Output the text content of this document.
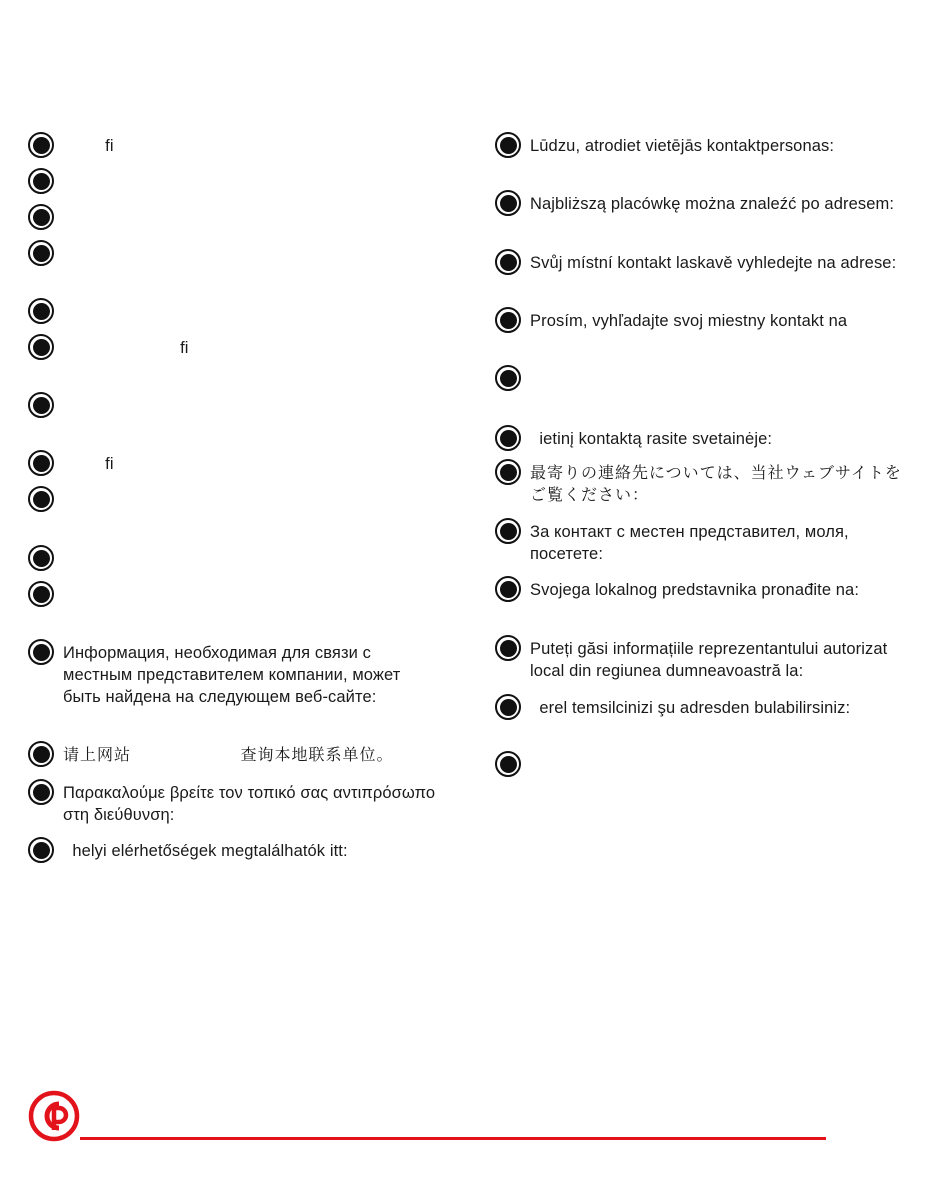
fi
fi
fi
Информация, необходимая для связи с
местным представителем компании, может
быть найдена на следующем веб-сайте:
请上网站                  查询本地联系单位。
Παρακαλούμε βρείτε τον τοπικό σας αντιπρόσωπο
στη διεύθυνση:
helyi elérhetőségek megtalálhatók itt:
Lūdzu, atrodiet vietējās kontaktpersonas:
Najbliższą placówkę można znaleźć po adresem:
Svůj místní kontakt laskavě vyhledejte na adrese:
Prosím, vyhľadajte svoj miestny kontakt na
ietinį kontaktą rasite svetainėje:
最寄りの連絡先については、当社ウェブサイトを
ご覧ください：
За контакт с местен представител, моля,
посетете:
Svojega lokalnog predstavnika pronađite na:
Puteți găsi informațiile reprezentantului autorizat
local din regiunea dumneavoastră la:
erel temsilcinizi şu adresden bulabilirsiniz:
